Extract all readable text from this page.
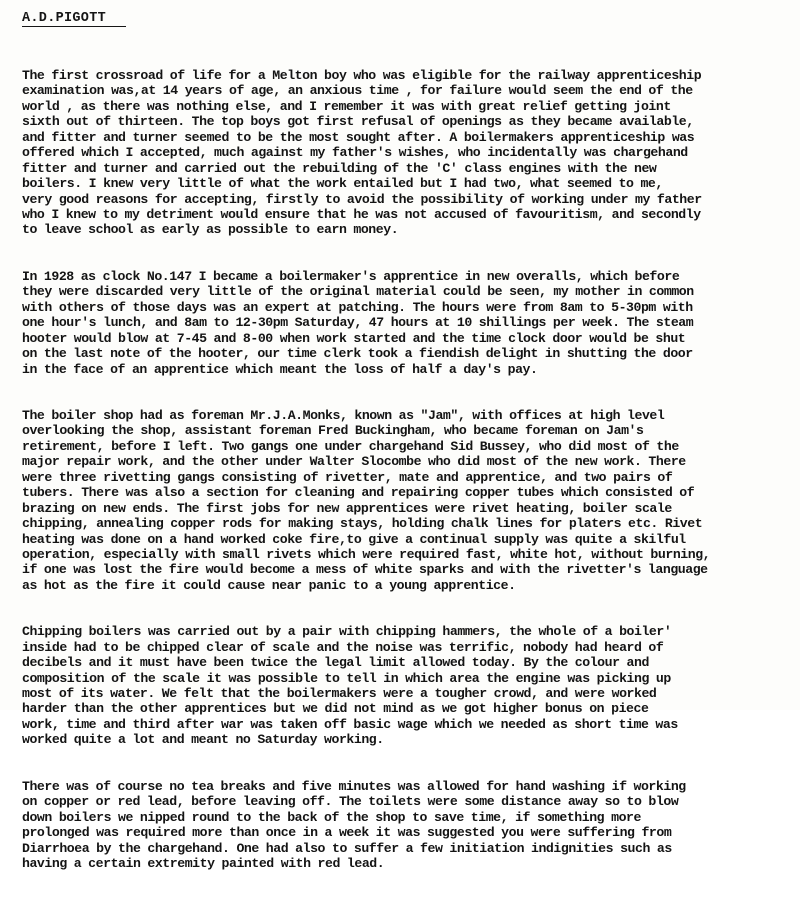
A.D.PIGOTT

The first crossroad of life for a Melton boy who was eligible for the railway apprenticeship
examination was,at 14 years of age, an anxious time , for failure would seem the end of the
world , as there was nothing else, and I remember it was with great relief getting joint
sixth out of thirteen. The top boys got first refusal of openings as they became available,
and fitter and turner seemed to be the most sought after. A boilermakers apprenticeship was
offered which I accepted, much against my father's wishes, who incidentally was chargehand
fitter and turner and carried out the rebuilding of the 'C' class engines with the new
boilers. I knew very little of what the work entailed but I had two, what seemed to me,
very good reasons for accepting, firstly to avoid the possibility of working under my father
who I knew to my detriment would ensure that he was not accused of favouritism, and secondly
to leave school as early as possible to earn money.

In 1928 as clock No.147 I became a boilermaker's apprentice in new overalls, which before
they were discarded very little of the original material could be seen, my mother in common
with others of those days was an expert at patching. The hours were from 8am to 5-30pm with
one hour's lunch, and 8am to 12-30pm Saturday, 47 hours at 10 shillings per week. The steam
hooter would blow at 7-45 and 8-00 when work started and the time clock door would be shut
on the last note of the hooter, our time clerk took a fiendish delight in shutting the door
in the face of an apprentice which meant the loss of half a day's pay.

The boiler shop had as foreman Mr.J.A.Monks, known as "Jam", with offices at high level
overlooking the shop, assistant foreman Fred Buckingham, who became foreman on Jam's
retirement, before I left. Two gangs one under chargehand Sid Bussey, who did most of the
major repair work, and the other under Walter Slocombe who did most of the new work. There
were three rivetting gangs consisting of rivetter, mate and apprentice, and two pairs of
tubers. There was also a section for cleaning and repairing copper tubes which consisted of
brazing on new ends. The first jobs for new apprentices were rivet heating, boiler scale
chipping, annealing copper rods for making stays, holding chalk lines for platers etc. Rivet
heating was done on a hand worked coke fire,to give a continual supply was quite a skilful
operation, especially with small rivets which were required fast, white hot, without burning,
if one was lost the fire would become a mess of white sparks and with the rivetter's language
as hot as the fire it could cause near panic to a young apprentice.

Chipping boilers was carried out by a pair with chipping hammers, the whole of a boiler'
inside had to be chipped clear of scale and the noise was terrific, nobody had heard of
decibels and it must have been twice the legal limit allowed today. By the colour and
composition of the scale it was possible to tell in which area the engine was picking up
most of its water. We felt that the boilermakers were a tougher crowd, and were worked
harder than the other apprentices but we did not mind as we got higher bonus on piece
work, time and third after war was taken off basic wage which we needed as short time was
worked quite a lot and meant no Saturday working.

There was of course no tea breaks and five minutes was allowed for hand washing if working
on copper or red lead, before leaving off. The toilets were some distance away so to blow
down boilers we nipped round to the back of the shop to save time, if something more
prolonged was required more than once in a week it was suggested you were suffering from
Diarrhoea by the chargehand. One had also to suffer a few initiation indignities such as
having a certain extremity painted with red lead.
